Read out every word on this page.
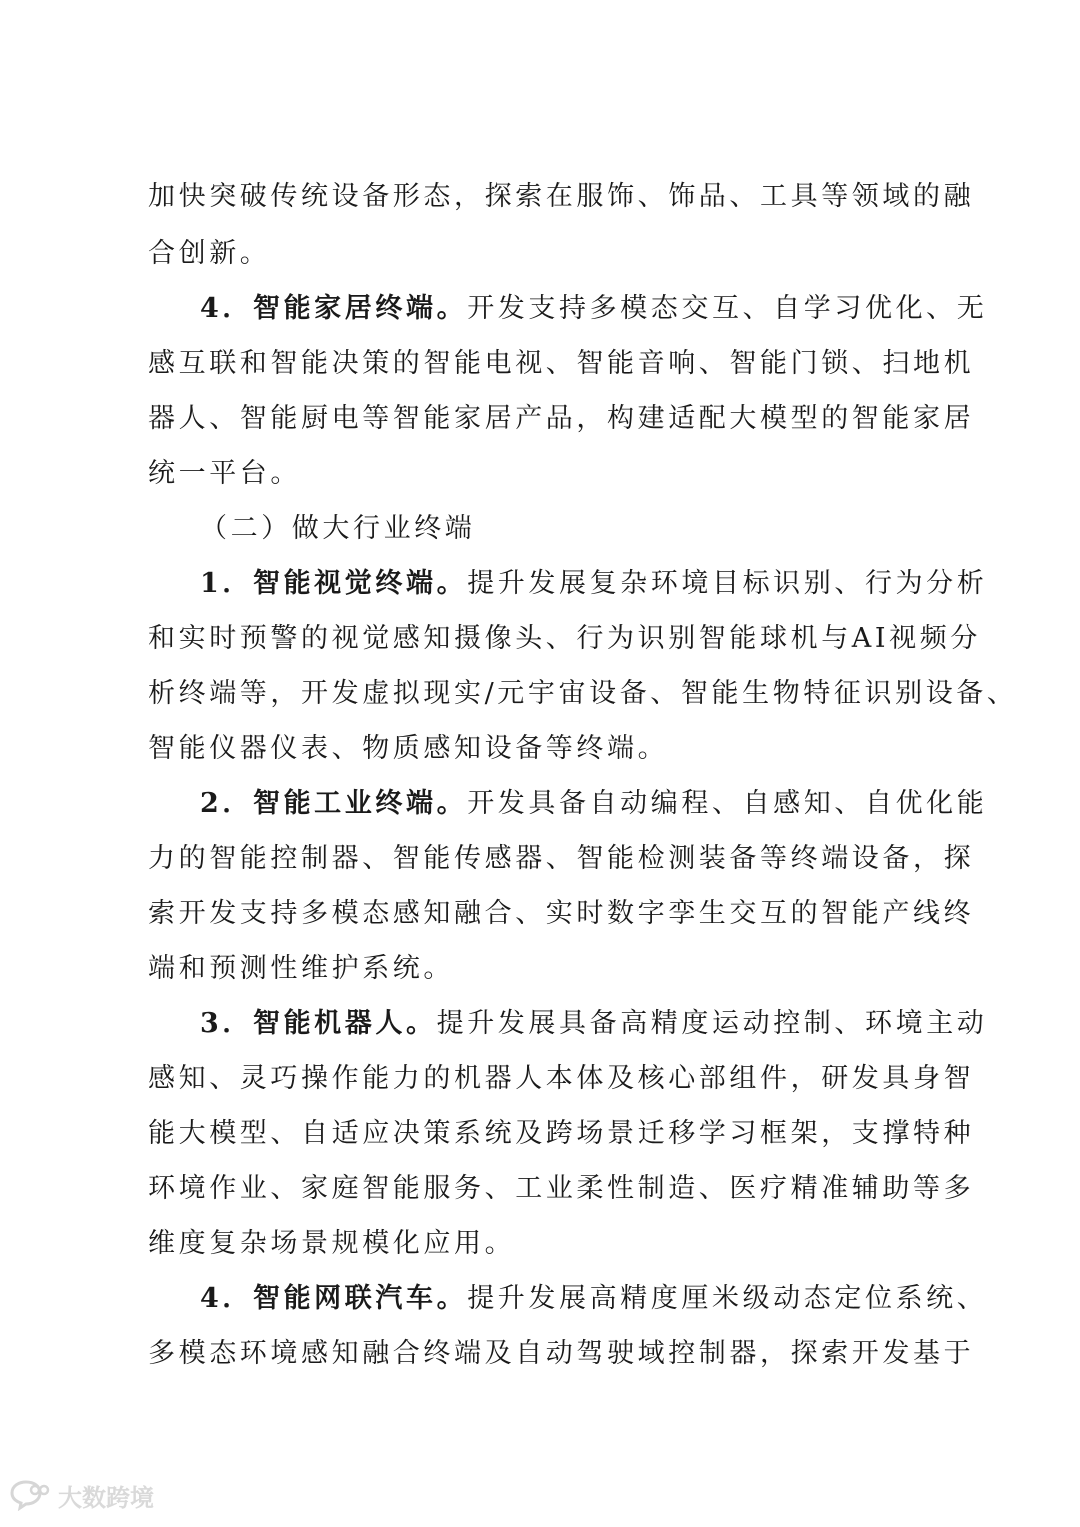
加快突破传统设备形态，探索在服饰、饰品、工具等领域的融
合创新。
4．智能家居终端。开发支持多模态交互、自学习优化、无
感互联和智能决策的智能电视、智能音响、智能门锁、扫地机
器人、智能厨电等智能家居产品，构建适配大模型的智能家居
统一平台。
（二）做大行业终端
1．智能视觉终端。提升发展复杂环境目标识别、行为分析
和实时预警的视觉感知摄像头、行为识别智能球机与AI视频分
析终端等，开发虚拟现实/元宇宙设备、智能生物特征识别设备、
智能仪器仪表、物质感知设备等终端。
2．智能工业终端。开发具备自动编程、自感知、自优化能
力的智能控制器、智能传感器、智能检测装备等终端设备，探
索开发支持多模态感知融合、实时数字孪生交互的智能产线终
端和预测性维护系统。
3．智能机器人。提升发展具备高精度运动控制、环境主动
感知、灵巧操作能力的机器人本体及核心部组件，研发具身智
能大模型、自适应决策系统及跨场景迁移学习框架，支撑特种
环境作业、家庭智能服务、工业柔性制造、医疗精准辅助等多
维度复杂场景规模化应用。
4．智能网联汽车。提升发展高精度厘米级动态定位系统、
多模态环境感知融合终端及自动驾驶域控制器，探索开发基于
大数跨境
